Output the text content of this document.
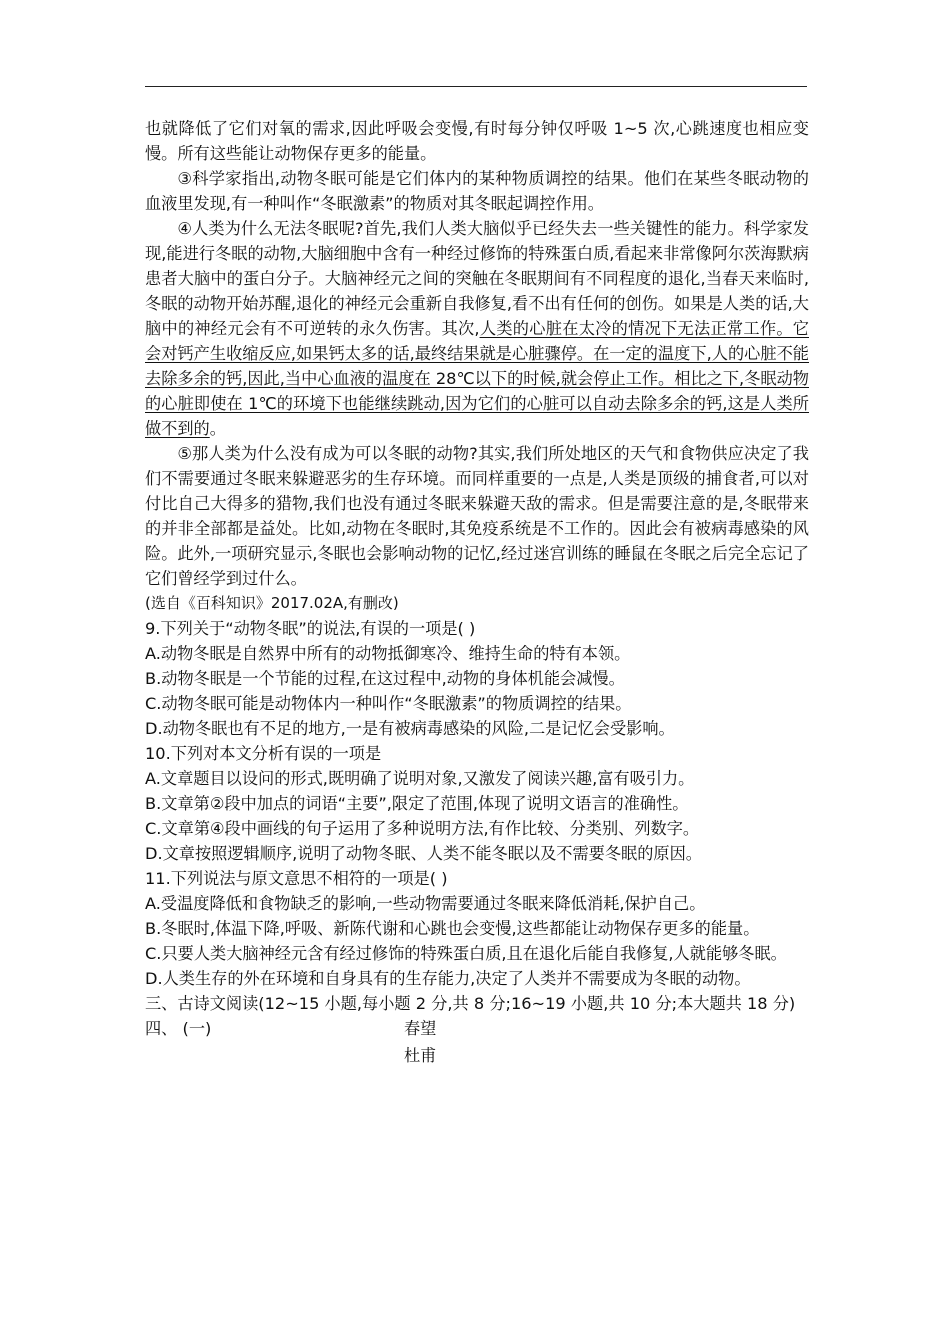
也就降低了它们对氧的需求,因此呼吸会变慢,有时每分钟仅呼吸 1~5 次,心跳速度也相应变慢。所有这些能让动物保存更多的能量。

③科学家指出,动物冬眠可能是它们体内的某种物质调控的结果。他们在某些冬眠动物的血液里发现,有一种叫作“冬眠激素”的物质对其冬眠起调控作用。

④人类为什么无法冬眠呢?首先,我们人类大脑似乎已经失去一些关键性的能力。科学家发现,能进行冬眠的动物,大脑细胞中含有一种经过修饰的特殊蛋白质,看起来非常像阿尔茨海默病患者大脑中的蛋白分子。大脑神经元之间的突触在冬眠期间有不同程度的退化,当春天来临时,冬眠的动物开始苏醒,退化的神经元会重新自我修复,看不出有任何的创伤。如果是人类的话,大脑中的神经元会有不可逆转的永久伤害。其次,人类的心脏在太冷的情况下无法正常工作。它会对钙产生收缩反应,如果钙太多的话,最终结果就是心脏骤停。在一定的温度下,人的心脏不能去除多余的钙,因此,当中心血液的温度在 28℃以下的时候,就会停止工作。相比之下,冬眠动物的心脏即使在 1℃的环境下也能继续跳动,因为它们的心脏可以自动去除多余的钙,这是人类所做不到的。

⑤那人类为什么没有成为可以冬眠的动物?其实,我们所处地区的天气和食物供应决定了我们不需要通过冬眠来躲避恶劣的生存环境。而同样重要的一点是,人类是顶级的捕食者,可以对付比自己大得多的猎物,我们也没有通过冬眠来躲避天敌的需求。但是需要注意的是,冬眠带来的并非全部都是益处。比如,动物在冬眠时,其免疫系统是不工作的。因此会有被病毒感染的风险。此外,一项研究显示,冬眠也会影响动物的记忆,经过迷宫训练的睡鼠在冬眠之后完全忘记了它们曾经学到过什么。

(选自《百科知识》2017.02A,有删改)

9.下列关于“动物冬眠”的说法,有误的一项是( )

A.动物冬眠是自然界中所有的动物抵御寒冷、维持生命的特有本领。

B.动物冬眠是一个节能的过程,在这过程中,动物的身体机能会减慢。

C.动物冬眠可能是动物体内一种叫作“冬眠激素”的物质调控的结果。

D.动物冬眠也有不足的地方,一是有被病毒感染的风险,二是记忆会受影响。

10.下列对本文分析有误的一项是

A.文章题目以设问的形式,既明确了说明对象,又激发了阅读兴趣,富有吸引力。

B.文章第②段中加点的词语“主要”,限定了范围,体现了说明文语言的准确性。

C.文章第④段中画线的句子运用了多种说明方法,有作比较、分类别、列数字。

D.文章按照逻辑顺序,说明了动物冬眠、人类不能冬眠以及不需要冬眠的原因。

11.下列说法与原文意思不相符的一项是( )

A.受温度降低和食物缺乏的影响,一些动物需要通过冬眠来降低消耗,保护自己。

B.冬眠时,体温下降,呼吸、新陈代谢和心跳也会变慢,这些都能让动物保存更多的能量。

C.只要人类大脑神经元含有经过修饰的特殊蛋白质,且在退化后能自我修复,人就能够冬眠。

D.人类生存的外在环境和自身具有的生存能力,决定了人类并不需要成为冬眠的动物。

三、古诗文阅读(12~15 小题,每小题 2 分,共 8 分;16~19 小题,共 10 分;本大题共 18 分)

四、 (一)	春望
杜甫
